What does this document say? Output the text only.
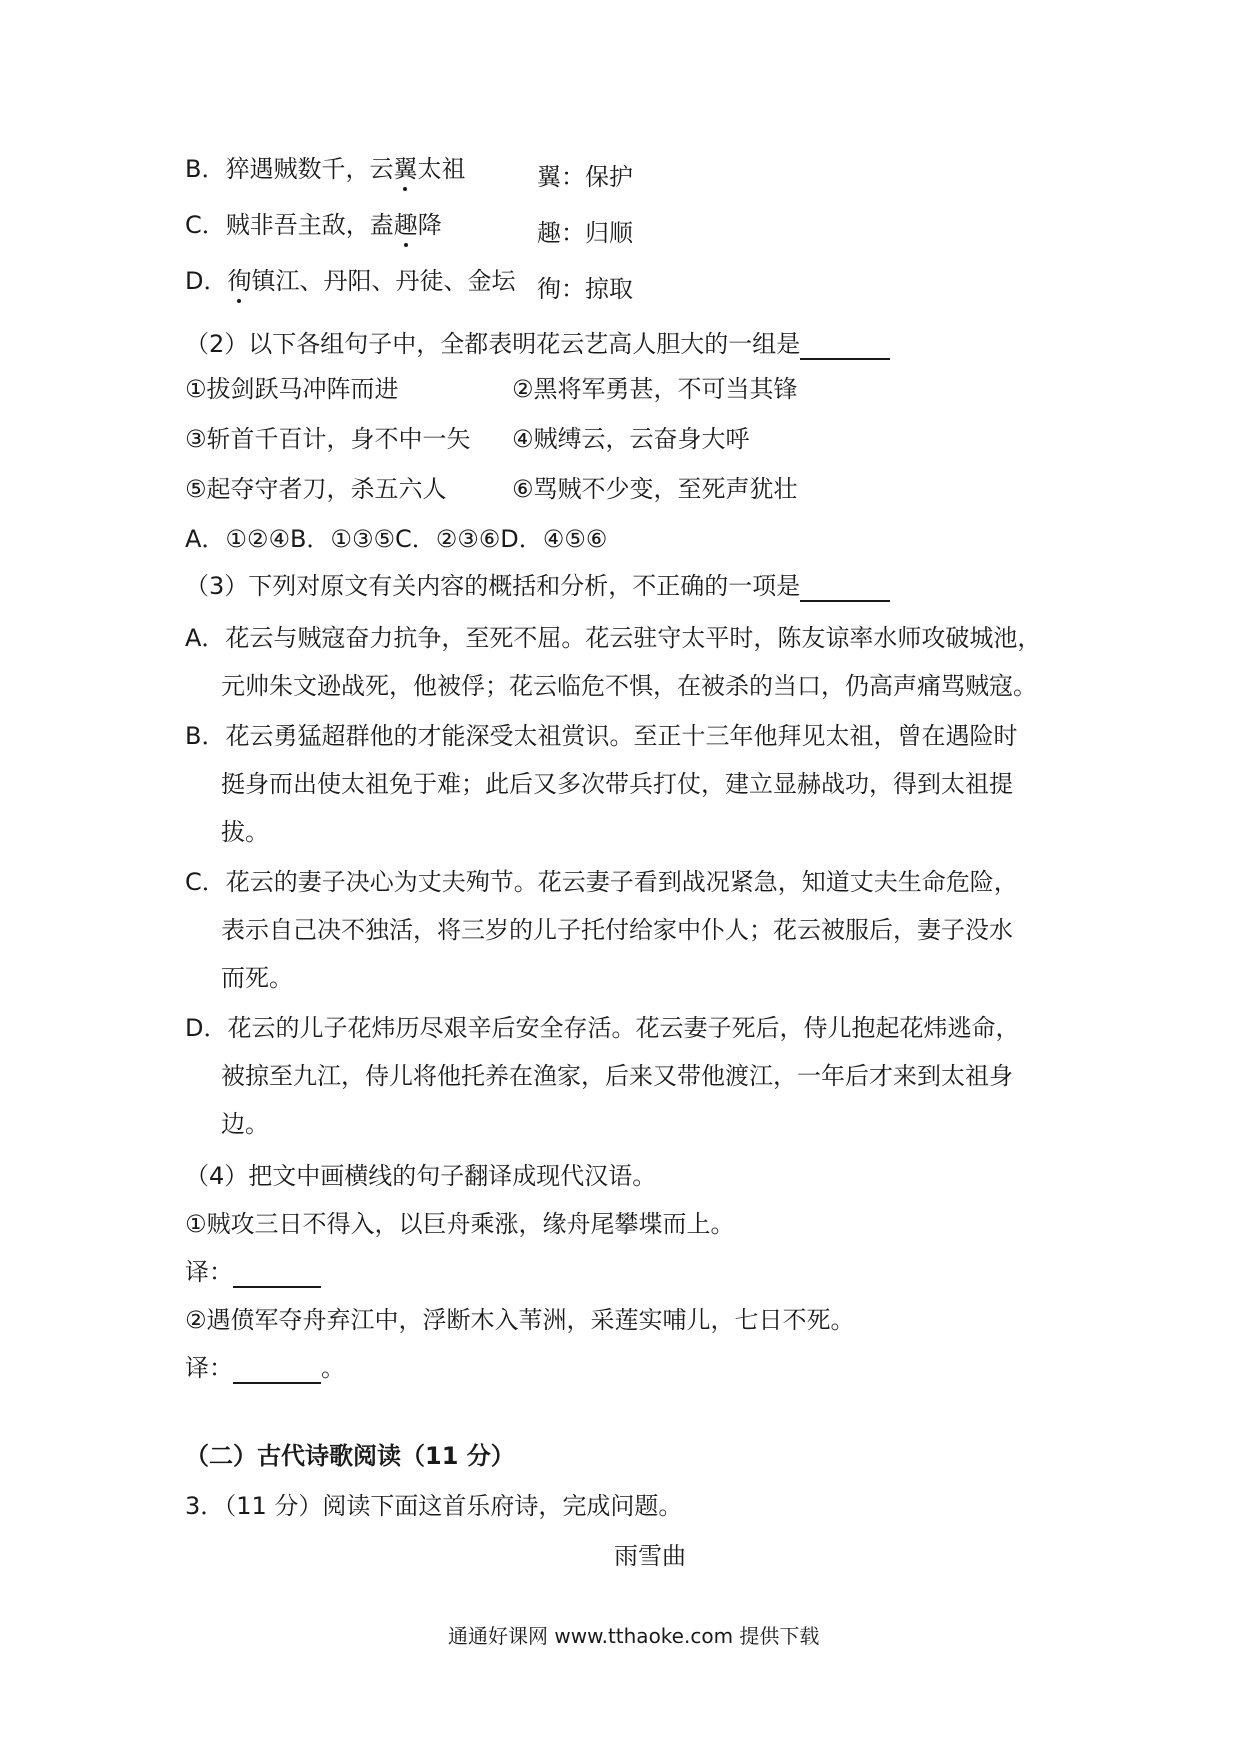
B．猝遇贼数千，云翼太祖	翼：保护
C．贼非吾主敌，盍趣降	趣：归顺
D．徇镇江、丹阳、丹徒、金坛 徇：掠取
（2）以下各组句子中，全都表明花云艺高人胆大的一组是
①拔剑跃马冲阵而进	②黑将军勇甚，不可当其锋
③斩首千百计，身不中一矢 ④贼缚云，云奋身大呼
⑤起夺守者刀，杀五六人	⑥骂贼不少变，至死声犹壮
A．①②④B．①③⑤C．②③⑥D．④⑤⑥
（3）下列对原文有关内容的概括和分析，不正确的一项是
A．花云与贼寇奋力抗争，至死不屈。花云驻守太平时，陈友谅率水师攻破城池，
元帅朱文逊战死，他被俘；花云临危不惧，在被杀的当口，仍高声痛骂贼寇。
B．花云勇猛超群他的才能深受太祖赏识。至正十三年他拜见太祖，曾在遇险时
挺身而出使太祖免于难；此后又多次带兵打仗，建立显赫战功，得到太祖提
拔。
C．花云的妻子决心为丈夫殉节。花云妻子看到战况紧急，知道丈夫生命危险，
表示自己决不独活，将三岁的儿子托付给家中仆人；花云被服后，妻子没水
而死。
D．花云的儿子花炜历尽艰辛后安全存活。花云妻子死后，侍儿抱起花炜逃命，
被掠至九江，侍儿将他托养在渔家，后来又带他渡江，一年后才来到太祖身
边。
（4）把文中画横线的句子翻译成现代汉语。
①贼攻三日不得入，以巨舟乘涨，缘舟尾攀堞而上。
译：
②遇偾军夺舟弃江中，浮断木入苇洲，采莲实哺儿，七日不死。
译：	。
（二）古代诗歌阅读（11 分）
3．（11 分）阅读下面这首乐府诗，完成问题。
雨雪曲
通通好课网 www.tthaoke.com 提供下载
